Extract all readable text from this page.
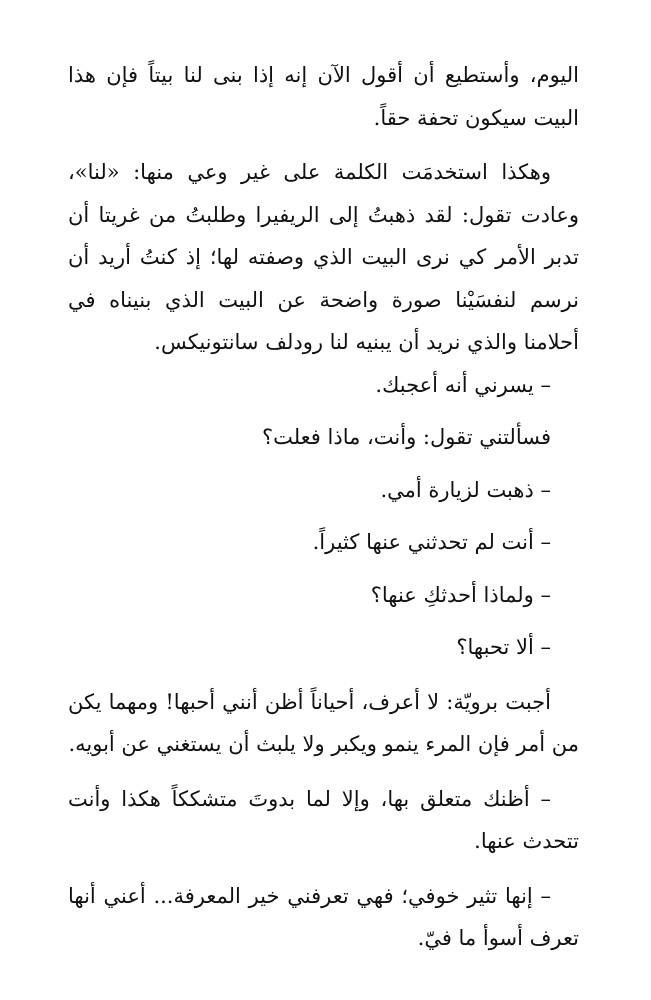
اليوم، وأستطيع أن أقول الآن إنه إذا بنى لنا بيتاً فإن هذا البيت سيكون تحفة حقاً.

وهكذا استخدمَت الكلمة على غير وعي منها: «لنا»، وعادت تقول: لقد ذهبتُ إلى الريفيرا وطلبتُ من غريتا أن تدبر الأمر كي نرى البيت الذي وصفته لها؛ إذ كنتُ أريد أن نرسم لنفسَيْنا صورة واضحة عن البيت الذي بنيناه في أحلامنا والذي نريد أن يبنيه لنا رودلف سانتونيكس.

– يسرني أنه أعجبك.

فسألتني تقول: وأنت، ماذا فعلت؟

– ذهبت لزيارة أمي.

– أنت لم تحدثني عنها كثيراً.

– ولماذا أحدثكِ عنها؟

– ألا تحبها؟

أجبت برويّة: لا أعرف، أحياناً أظن أنني أحبها! ومهما يكن من أمر فإن المرء ينمو ويكبر ولا يلبث أن يستغني عن أبويه.

– أظنك متعلق بها، وإلا لما بدوتَ متشككاً هكذا وأنت تتحدث عنها.

– إنها تثير خوفي؛ فهي تعرفني خير المعرفة... أعني أنها تعرف أسوأ ما فيّ.
